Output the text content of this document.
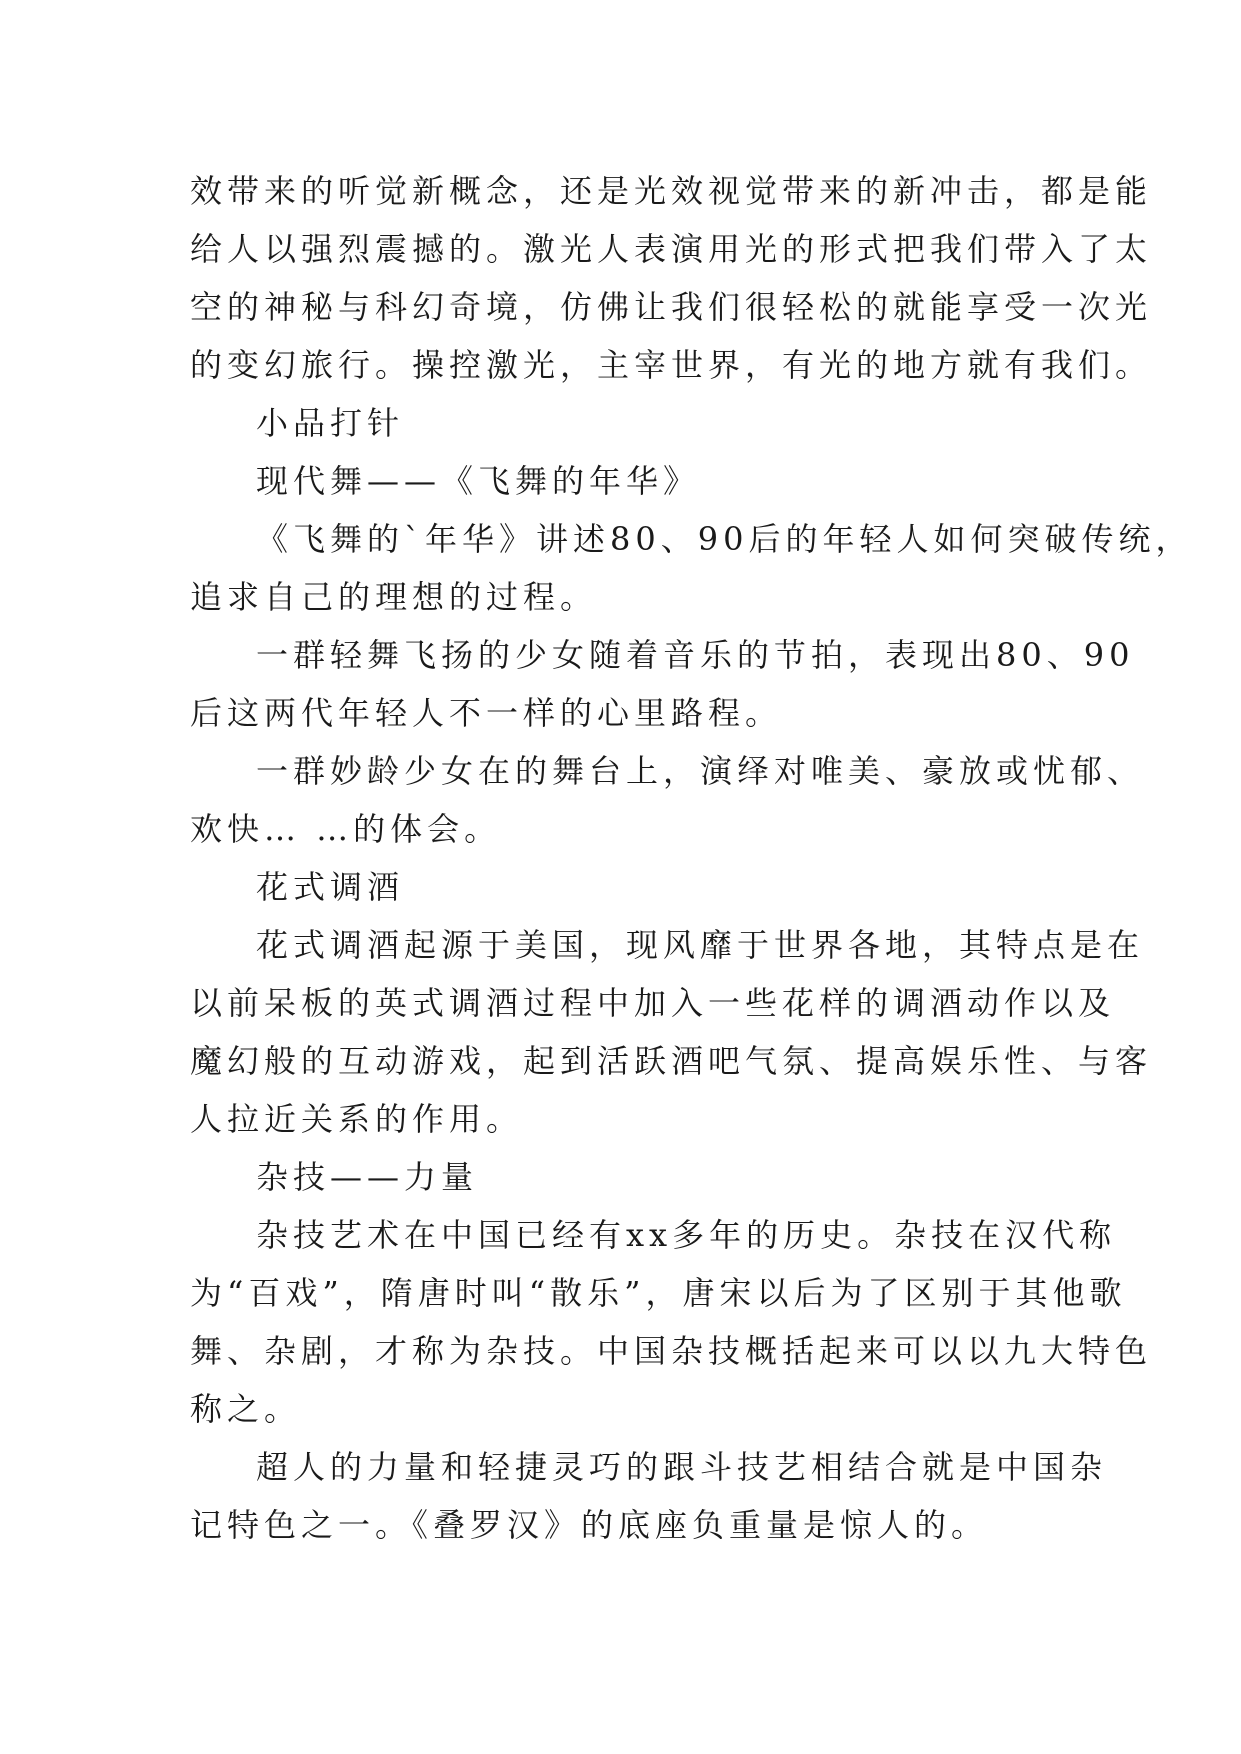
效带来的听觉新概念，还是光效视觉带来的新冲击，都是能
给人以强烈震撼的。激光人表演用光的形式把我们带入了太
空的神秘与科幻奇境，仿佛让我们很轻松的就能享受一次光
的变幻旅行。操控激光，主宰世界，有光的地方就有我们。
小品打针
现代舞——《飞舞的年华》
《飞舞的`年华》讲述80、90后的年轻人如何突破传统，
追求自己的理想的过程。
一群轻舞飞扬的少女随着音乐的节拍，表现出80、90
后这两代年轻人不一样的心里路程。
一群妙龄少女在的舞台上，演绎对唯美、豪放或忧郁、
欢快… …的体会。
花式调酒
花式调酒起源于美国，现风靡于世界各地，其特点是在
以前呆板的英式调酒过程中加入一些花样的调酒动作以及
魔幻般的互动游戏，起到活跃酒吧气氛、提高娱乐性、与客
人拉近关系的作用。
杂技——力量
杂技艺术在中国已经有xx多年的历史。杂技在汉代称
为“百戏”，隋唐时叫“散乐”，唐宋以后为了区别于其他歌
舞、杂剧，才称为杂技。中国杂技概括起来可以以九大特色
称之。
超人的力量和轻捷灵巧的跟斗技艺相结合就是中国杂
记特色之一。《叠罗汉》的底座负重量是惊人的。
